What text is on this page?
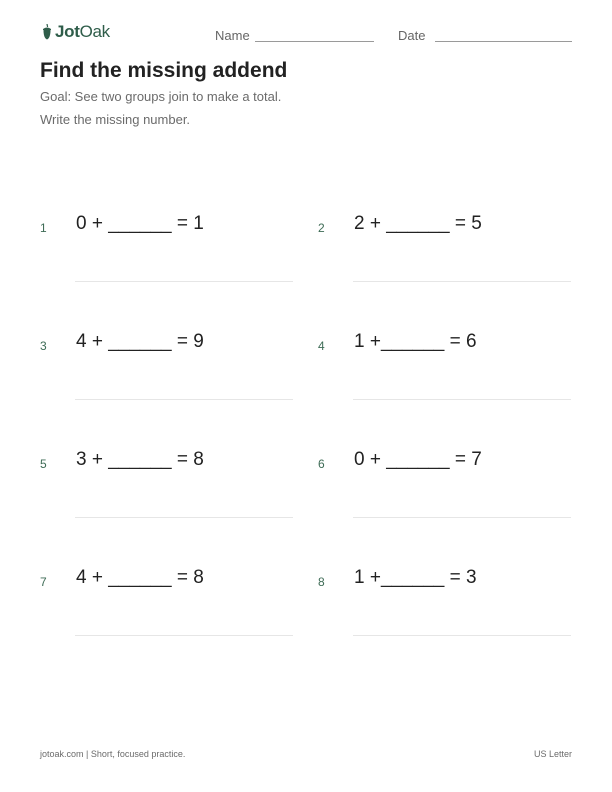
JotOak	Name	Date
Find the missing addend
Goal: See two groups join to make a total.
Write the missing number.
1 0 + ______ = 1	2 2 + ______ = 5
3 4 + ______ = 9	4 1 +______ = 6
5 3 + ______ = 8	6 0 + ______ = 7
7 4 + ______ = 8	8 1 +______ = 3
jotoak.com | Short, focused practice.	US Letter
